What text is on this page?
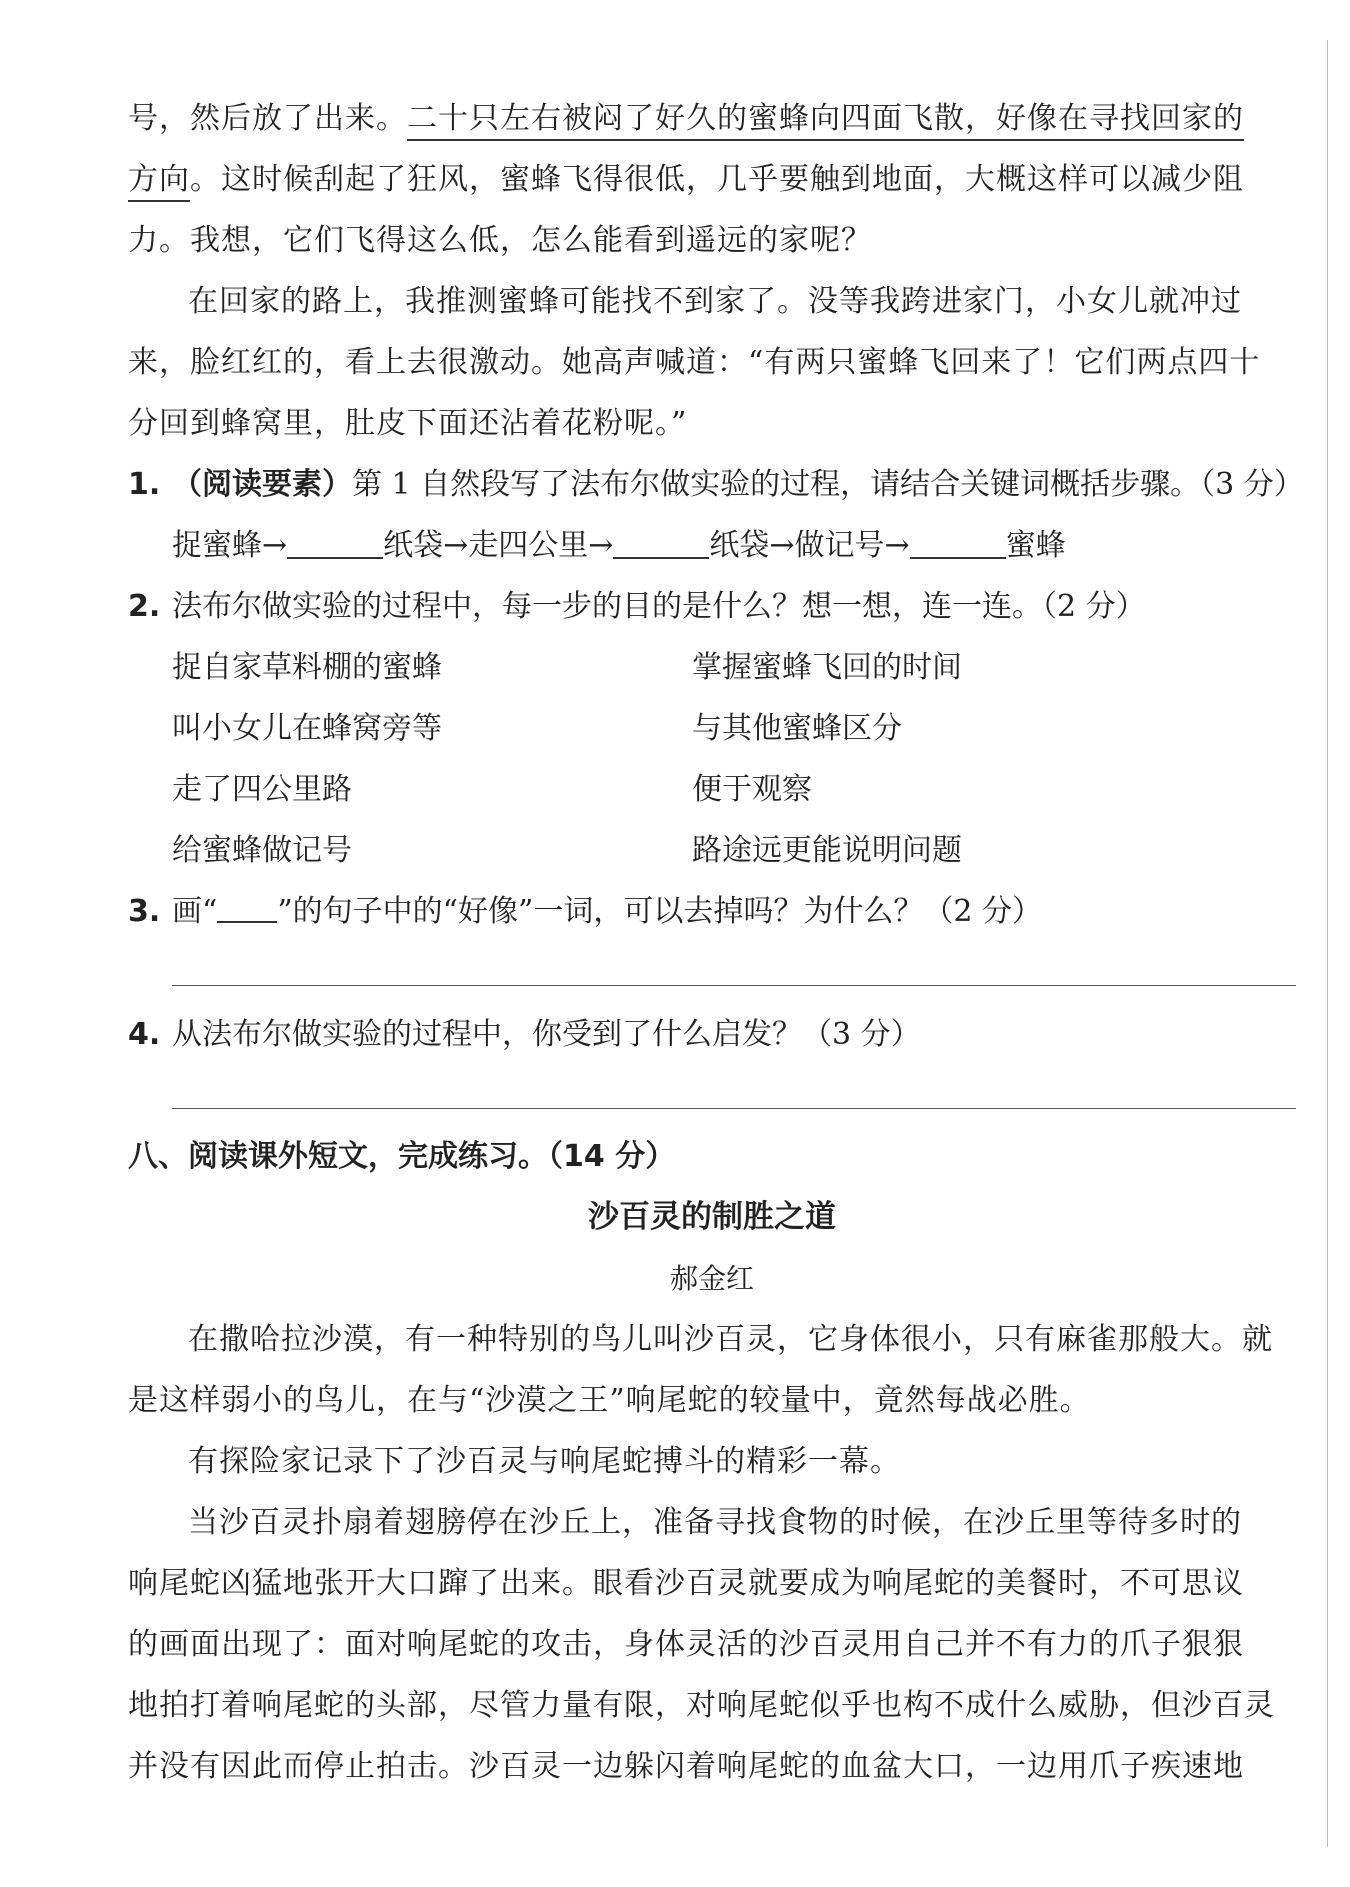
号，然后放了出来。二十只左右被闷了好久的蜜蜂向四面飞散，好像在寻找回家的

方向。这时候刮起了狂风，蜜蜂飞得很低，几乎要触到地面，大概这样可以减少阻

力。我想，它们飞得这么低，怎么能看到遥远的家呢？

在回家的路上，我推测蜜蜂可能找不到家了。没等我跨进家门，小女儿就冲过

来，脸红红的，看上去很激动。她高声喊道：“有两只蜜蜂飞回来了！它们两点四十

分回到蜂窝里，肚皮下面还沾着花粉呢。”

1. （阅读要素）第 1 自然段写了法布尔做实验的过程，请结合关键词概括步骤。（3 分）

捉蜜蜂→	纸袋→走四公里→	纸袋→做记号→	蜜蜂

2. 法布尔做实验的过程中，每一步的目的是什么？想一想，连一连。（2 分）

捉自家草料棚的蜜蜂	掌握蜜蜂飞回的时间
叫小女儿在蜂窝旁等	与其他蜜蜂区分
走了四公里路	便于观察
给蜜蜂做记号	路途远更能说明问题

3. 画“ ”的句子中的“好像”一词，可以去掉吗？为什么？（2 分）

4. 从法布尔做实验的过程中，你受到了什么启发？（3 分）

八、阅读课外短文，完成练习。（14 分）

沙百灵的制胜之道

郝金红

在撒哈拉沙漠，有一种特别的鸟儿叫沙百灵，它身体很小，只有麻雀那般大。就

是这样弱小的鸟儿，在与“沙漠之王”响尾蛇的较量中，竟然每战必胜。

有探险家记录下了沙百灵与响尾蛇搏斗的精彩一幕。

当沙百灵扑扇着翅膀停在沙丘上，准备寻找食物的时候，在沙丘里等待多时的

响尾蛇凶猛地张开大口蹿了出来。眼看沙百灵就要成为响尾蛇的美餐时，不可思议

的画面出现了：面对响尾蛇的攻击，身体灵活的沙百灵用自己并不有力的爪子狠狠

地拍打着响尾蛇的头部，尽管力量有限，对响尾蛇似乎也构不成什么威胁，但沙百灵

并没有因此而停止拍击。沙百灵一边躲闪着响尾蛇的血盆大口，一边用爪子疾速地
